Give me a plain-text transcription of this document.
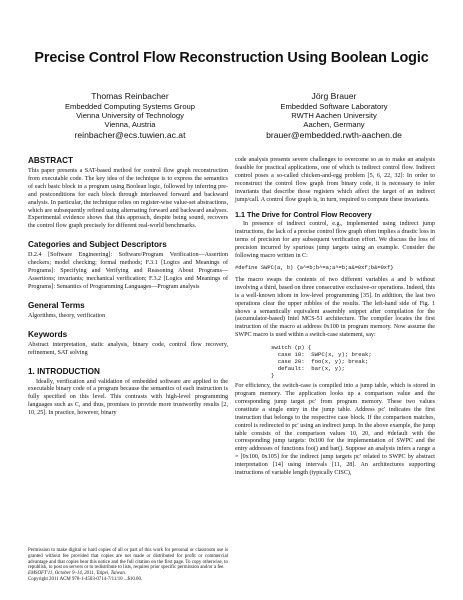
Precise Control Flow Reconstruction Using Boolean Logic
Thomas Reinbacher
Embedded Computing Systems Group
Vienna University of Technology
Vienna, Austria
reinbacher@ecs.tuwien.ac.at
Jörg Brauer
Embedded Software Laboratory
RWTH Aachen University
Aachen, Germany
brauer@embedded.rwth-aachen.de
ABSTRACT

This paper presents a SAT-based method for control flow graph reconstruction from executable code. The key idea of the technique is to express the semantics of each basic block in a program using Boolean logic, followed by inferring pre- and postconditions for each block through interleaved forward and backward analysis. In particular, the technique relies on register-wise value-set abstractions, which are subsequently refined using alternating forward and backward analyses. Experimental evidence shows that this approach, despite being sound, recovers the control flow graph precisely for different real-world benchmarks.

Categories and Subject Descriptors

D.2.4 [Software Engineering]: Software/Program Verification—Assertion checkers; model checking; formal methods; F.3.1 [Logics and Meanings of Programs]: Specifying and Verifying and Reasoning About Programs—Assertions; invariants; mechanical verification; F.3.2 [Logics and Meanings of Programs]: Semantics of Programming Languages—Program analysis

General Terms

Algorithms, theory, verification

Keywords

Abstract interpretation, static analysis, binary code, control flow recovery, refinement, SAT solving

1. INTRODUCTION

Ideally, verification and validation of embedded software are applied to the executable binary code of a program because the semantics of each instruction is fully specified on this level. This contrasts with high-level programming languages such as C, and thus, promises to provide more trustworthy results [2, 10, 25]. In practice, however, binary

Permission to make digital or hard copies of all or part of this work for personal or classroom use is granted without fee provided that copies are not made or distributed for profit or commercial advantage and that copies bear this notice and the full citation on the first page. To copy otherwise, to republish, to post on servers or to redistribute to lists, requires prior specific permission and/or a fee.

EMSOFT'11, October 9–14, 2011, Taipei, Taiwan.

Copyright 2011 ACM 978-1-4503-0714-7/11/10 ...$10.00.

code analysis presents severe challenges to overcome so as to make an analysis feasible for practical applications, one of which is indirect control flow. Indirect control poses a so-called chicken-and-egg problem [5, 6, 22, 32]: In order to reconstruct the control flow graph from binary code, it is necessary to infer invariants that describe those registers which affect the target of an indirect jump/call. A control flow graph is, in turn, required to compute these invariants.

1.1 The Drive for Control Flow Recovery

In presence of indirect control, e.g., implemented using indirect jump instructions, the lack of a precise control flow graph often implies a drastic loss in terms of precision for any subsequent verification effort. We discuss the loss of precision incurred by spurious jump targets using an example. Consider the following macro written in C:

#define SWPC(a, b) {a^=b;b^=a;a^=b;a&=0xf;b&=0xf}

The macro swaps the contents of two different variables a and b without involving a third, based on three consecutive exclusive-or operations. Indeed, this is a well-known idiom in low-level programming [35]. In addition, the last two operations clear the upper nibbles of the results. The left-hand side of Fig. 1 shows a semantically equivalent assembly snippet after compilation for the (accumulator-based) Intel MCS-51 architecture. The compiler locates the first instruction of the macro at address 0x100 in program memory. Now assume the SWPC macro is used within a switch-case statement, say:

switch (p) {
case 10:  SWPC(x, y); break;
case 20:  foo(x, y); break;
default:  bar(x, y);
}

For efficiency, the switch-case is compiled into a jump table, which is stored in program memory. The application looks up a comparison value and the corresponding jump target pc′ from program memory. These two values constitute a single entry in the jump table. Address pc′ indicates the first instruction that belongs to the respective case block. If the comparison matches, control is redirected to pc′ using an indirect jump. In the above example, the jump table consists of the comparison values 10, 20, and #default with the corresponding jump targets: 0x100 for the implementation of SWPC and the entry addresses of functions foo() and bar(). Suppose an analysis infers a range a = [0x100, 0x105] for the indirect jump targets pc′ related to SWPC by abstract interpretation [14] using intervals [11, 28]. An architectures supporting instructions of variable length (typically CISC),
